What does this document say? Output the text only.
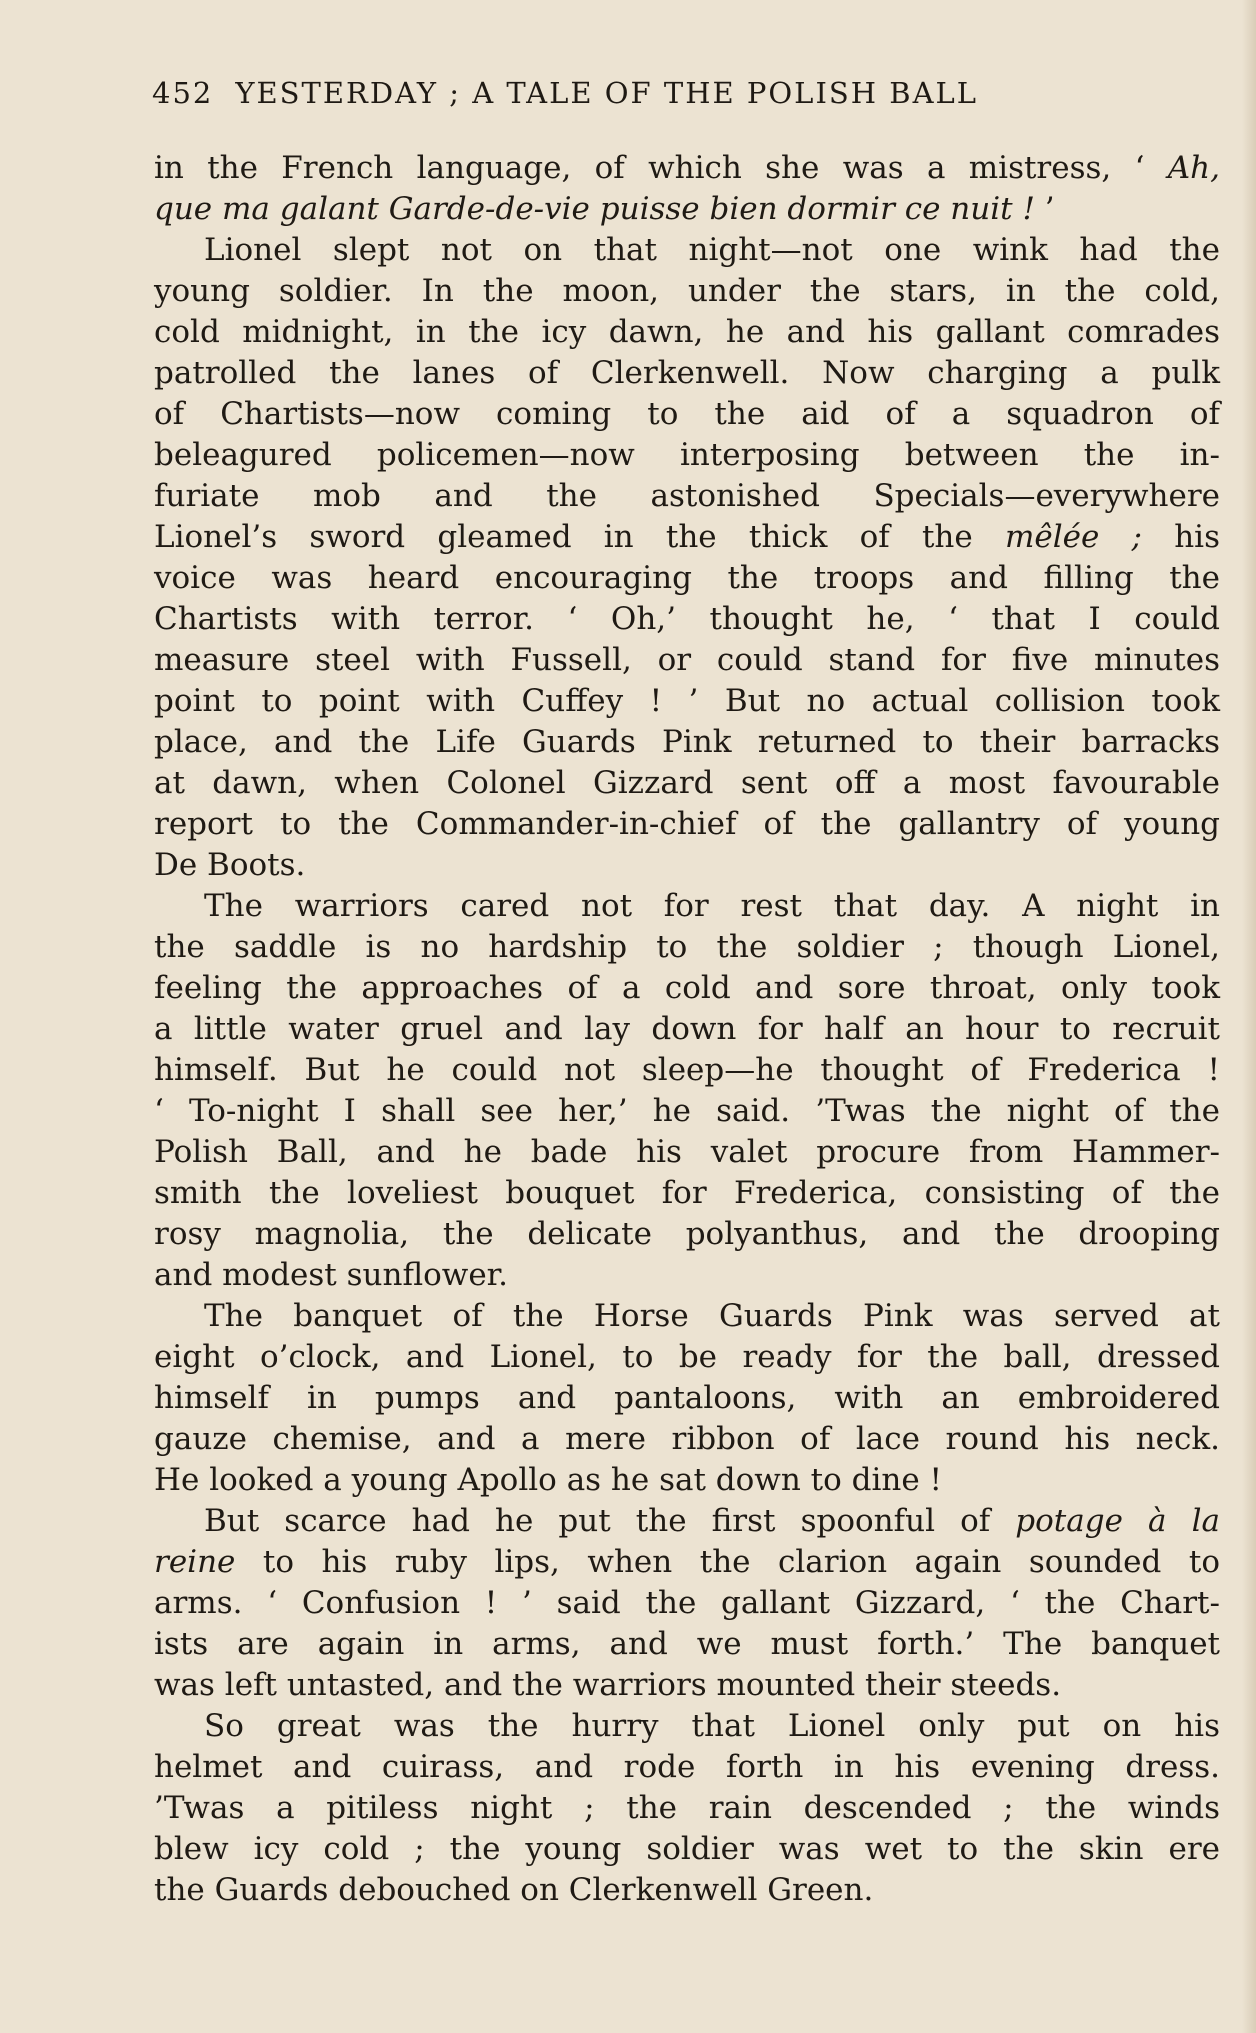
452 YESTERDAY ; A TALE OF THE POLISH BALL

in the French language, of which she was a mistress, ‘ Ah,

que ma galant Garde-de-vie puisse bien dormir ce nuit ! ’

Lionel slept not on that night—not one wink had the

young soldier. In the moon, under the stars, in the cold,

cold midnight, in the icy dawn, he and his gallant comrades

patrolled the lanes of Clerkenwell. Now charging a pulk

of Chartists—now coming to the aid of a squadron of

beleagured policemen—now interposing between the in-

furiate mob and the astonished Specials—everywhere

Lionel’s sword gleamed in the thick of the mêlée ; his

voice was heard encouraging the troops and filling the

Chartists with terror. ‘ Oh,’ thought he, ‘ that I could

measure steel with Fussell, or could stand for five minutes

point to point with Cuffey ! ’ But no actual collision took

place, and the Life Guards Pink returned to their barracks

at dawn, when Colonel Gizzard sent off a most favourable

report to the Commander-in-chief of the gallantry of young

De Boots.

The warriors cared not for rest that day. A night in

the saddle is no hardship to the soldier ; though Lionel,

feeling the approaches of a cold and sore throat, only took

a little water gruel and lay down for half an hour to recruit

himself. But he could not sleep—he thought of Frederica !

‘ To-night I shall see her,’ he said. ’Twas the night of the

Polish Ball, and he bade his valet procure from Hammer-

smith the loveliest bouquet for Frederica, consisting of the

rosy magnolia, the delicate polyanthus, and the drooping

and modest sunflower.

The banquet of the Horse Guards Pink was served at

eight o’clock, and Lionel, to be ready for the ball, dressed

himself in pumps and pantaloons, with an embroidered

gauze chemise, and a mere ribbon of lace round his neck.

He looked a young Apollo as he sat down to dine !

But scarce had he put the first spoonful of potage à la

reine to his ruby lips, when the clarion again sounded to

arms. ‘ Confusion ! ’ said the gallant Gizzard, ‘ the Chart-

ists are again in arms, and we must forth.’ The banquet

was left untasted, and the warriors mounted their steeds.

So great was the hurry that Lionel only put on his

helmet and cuirass, and rode forth in his evening dress.

’Twas a pitiless night ; the rain descended ; the winds

blew icy cold ; the young soldier was wet to the skin ere

the Guards debouched on Clerkenwell Green.
